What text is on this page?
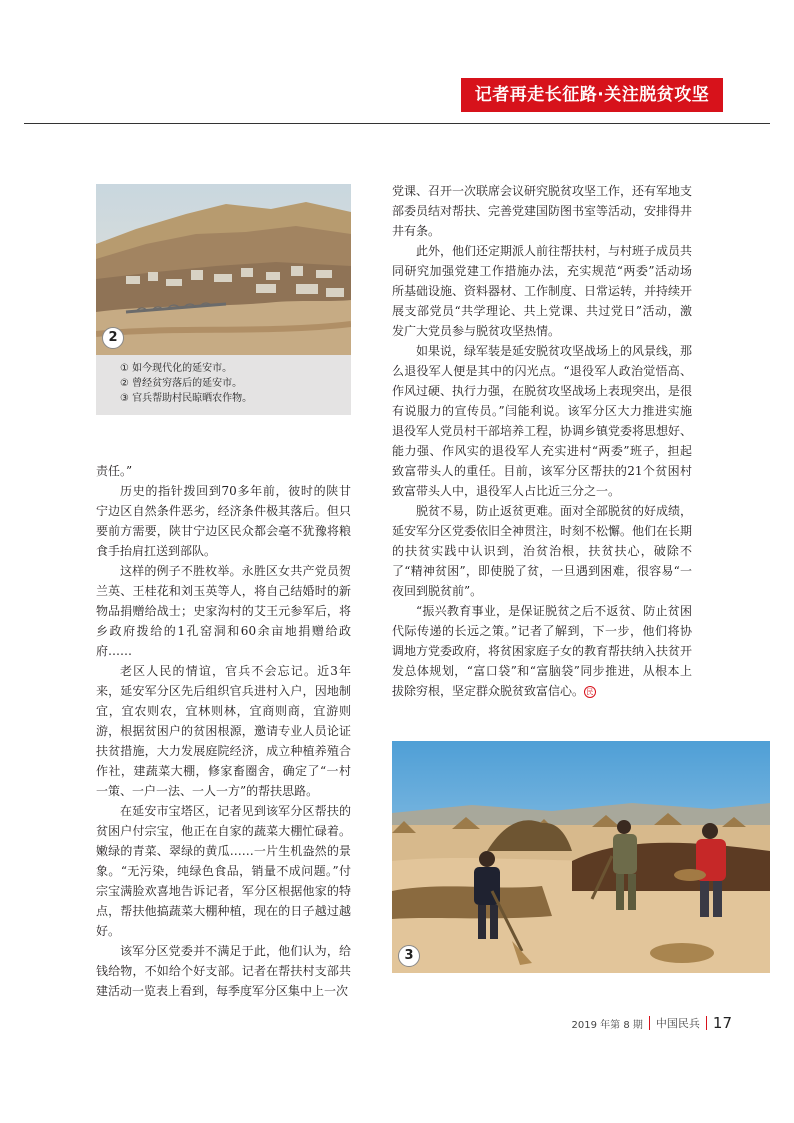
记者再走长征路·关注脱贫攻坚
2
① 如今现代化的延安市。
② 曾经贫穷落后的延安市。
③ 官兵帮助村民晾晒农作物。

责任。”

历史的指针拨回到70多年前，彼时的陕甘宁边区自然条件恶劣，经济条件极其落后。但只要前方需要，陕甘宁边区民众都会毫不犹豫将粮食手抬肩扛送到部队。

这样的例子不胜枚举。永胜区女共产党员贺兰英、王桂花和刘玉英等人，将自己结婚时的新物品捐赠给战士；史家沟村的艾王元参军后，将乡政府拨给的1孔窑洞和60余亩地捐赠给政府……

老区人民的情谊，官兵不会忘记。近3年来，延安军分区先后组织官兵进村入户，因地制宜，宜农则农，宜林则林，宜商则商，宜游则游，根据贫困户的贫困根源，邀请专业人员论证扶贫措施，大力发展庭院经济，成立种植养殖合作社，建蔬菜大棚，修家畜圈舍，确定了“一村一策、一户一法、一人一方”的帮扶思路。

在延安市宝塔区，记者见到该军分区帮扶的贫困户付宗宝，他正在自家的蔬菜大棚忙碌着。嫩绿的青菜、翠绿的黄瓜……一片生机盎然的景象。“无污染，纯绿色食品，销量不成问题。”付宗宝满脸欢喜地告诉记者，军分区根据他家的特点，帮扶他搞蔬菜大棚种植，现在的日子越过越好。

该军分区党委并不满足于此，他们认为，给钱给物，不如给个好支部。记者在帮扶村支部共建活动一览表上看到，每季度军分区集中上一次

党课、召开一次联席会议研究脱贫攻坚工作，还有军地支部委员结对帮扶、完善党建国防图书室等活动，安排得井井有条。

此外，他们还定期派人前往帮扶村，与村班子成员共同研究加强党建工作措施办法，充实规范“两委”活动场所基础设施、资料器材、工作制度、日常运转，并持续开展支部党员“共学理论、共上党课、共过党日”活动，激发广大党员参与脱贫攻坚热情。

如果说，绿军装是延安脱贫攻坚战场上的风景线，那么退役军人便是其中的闪光点。“退役军人政治觉悟高、作风过硬、执行力强，在脱贫攻坚战场上表现突出，是很有说服力的宣传员。”闫能利说。该军分区大力推进实施退役军人党员村干部培养工程，协调乡镇党委将思想好、能力强、作风实的退役军人充实进村“两委”班子，担起致富带头人的重任。目前，该军分区帮扶的21个贫困村致富带头人中，退役军人占比近三分之一。

脱贫不易，防止返贫更难。面对全部脱贫的好成绩，延安军分区党委依旧全神贯注，时刻不松懈。他们在长期的扶贫实践中认识到，治贫治根，扶贫扶心，破除不了“精神贫困”，即使脱了贫，一旦遇到困难，很容易“一夜回到脱贫前”。

“振兴教育事业，是保证脱贫之后不返贫、防止贫困代际传递的长远之策。”记者了解到，下一步，他们将协调地方党委政府，将贫困家庭子女的教育帮扶纳入扶贫开发总体规划，“富口袋”和“富脑袋”同步推进，从根本上拔除穷根，坚定群众脱贫致富信心。 民

3
2019 年第 8 期 中国民兵 17
